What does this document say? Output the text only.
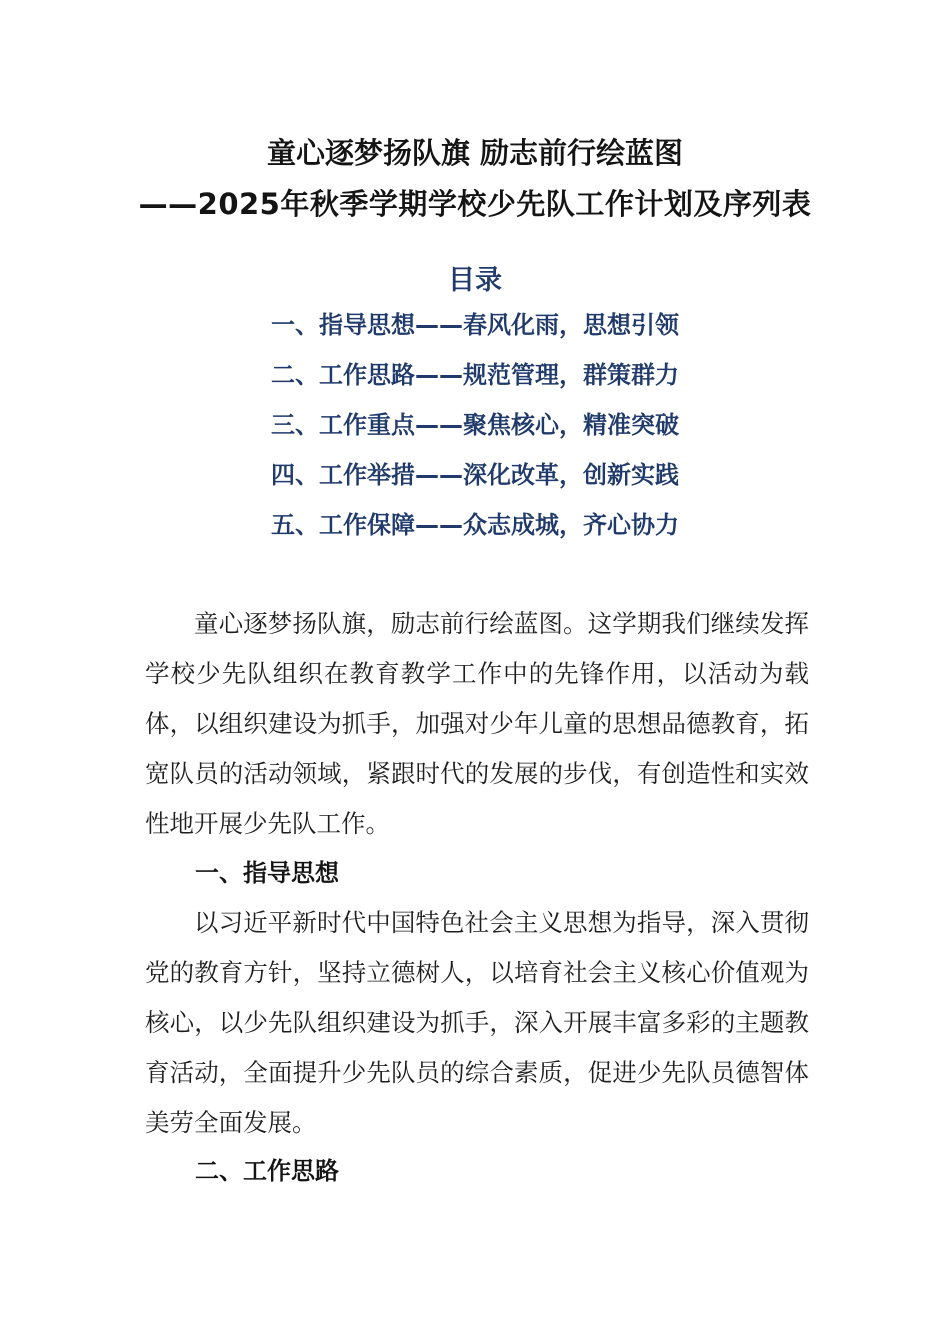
童心逐梦扬队旗 励志前行绘蓝图
——2025年秋季学期学校少先队工作计划及序列表
目录
一、指导思想——春风化雨，思想引领
二、工作思路——规范管理，群策群力
三、工作重点——聚焦核心，精准突破
四、工作举措——深化改革，创新实践
五、工作保障——众志成城，齐心协力

童心逐梦扬队旗，励志前行绘蓝图。这学期我们继续发挥学校少先队组织在教育教学工作中的先锋作用，以活动为载体，以组织建设为抓手，加强对少年儿童的思想品德教育，拓宽队员的活动领域，紧跟时代的发展的步伐，有创造性和实效性地开展少先队工作。

一、指导思想

以习近平新时代中国特色社会主义思想为指导，深入贯彻党的教育方针，坚持立德树人，以培育社会主义核心价值观为核心，以少先队组织建设为抓手，深入开展丰富多彩的主题教育活动，全面提升少先队员的综合素质，促进少先队员德智体美劳全面发展。

二、工作思路
